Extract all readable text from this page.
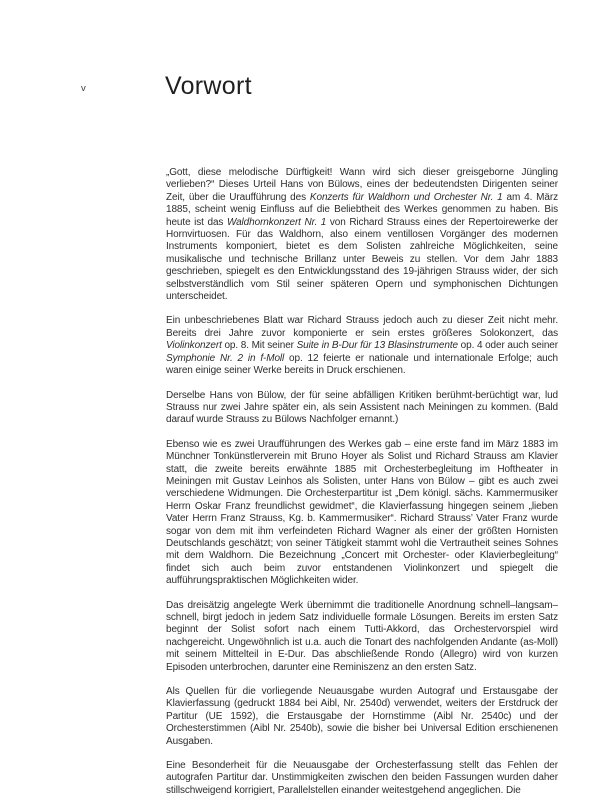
v	Vorwort

„Gott, diese melodische Dürftigkeit! Wann wird sich dieser greisgeborne Jüngling verlieben?“ Dieses Urteil Hans von Bülows, eines der bedeutendsten Dirigenten seiner Zeit, über die Uraufführung des Konzerts für Waldhorn und Orchester Nr. 1 am 4. März 1885, scheint wenig Einfluss auf die Beliebtheit des Werkes genommen zu haben. Bis heute ist das Waldhornkonzert Nr. 1 von Richard Strauss eines der Repertoirewerke der Hornvirtuosen. Für das Waldhorn, also einem ventillosen Vorgänger des modernen Instruments komponiert, bietet es dem Solisten zahlreiche Möglichkeiten, seine musikalische und technische Brillanz unter Beweis zu stellen. Vor dem Jahr 1883 geschrieben, spiegelt es den Entwicklungsstand des 19-jährigen Strauss wider, der sich selbstverständlich vom Stil seiner späteren Opern und symphonischen Dichtungen unterscheidet.

Ein unbeschriebenes Blatt war Richard Strauss jedoch auch zu dieser Zeit nicht mehr. Bereits drei Jahre zuvor komponierte er sein erstes größeres Solokonzert, das Violinkonzert op. 8. Mit seiner Suite in B-Dur für 13 Blasinstrumente op. 4 oder auch seiner Symphonie Nr. 2 in f-Moll op. 12 feierte er nationale und internationale Erfolge; auch waren einige seiner Werke bereits in Druck erschienen.

Derselbe Hans von Bülow, der für seine abfälligen Kritiken berühmt-berüchtigt war, lud Strauss nur zwei Jahre später ein, als sein Assistent nach Meiningen zu kommen. (Bald darauf wurde Strauss zu Bülows Nachfolger ernannt.)

Ebenso wie es zwei Uraufführungen des Werkes gab – eine erste fand im März 1883 im Münchner Tonkünstlerverein mit Bruno Hoyer als Solist und Richard Strauss am Klavier statt, die zweite bereits erwähnte 1885 mit Orchesterbegleitung im Hoftheater in Meiningen mit Gustav Leinhos als Solisten, unter Hans von Bülow – gibt es auch zwei verschiedene Widmungen. Die Orchesterpartitur ist „Dem königl. sächs. Kammermusiker Herrn Oskar Franz freundlichst gewidmet“, die Klavierfassung hingegen seinem „lieben Vater Herrn Franz Strauss, Kg. b. Kammermusiker“. Richard Strauss’ Vater Franz wurde sogar von dem mit ihm verfeindeten Richard Wagner als einer der größten Hornisten Deutschlands geschätzt; von seiner Tätigkeit stammt wohl die Vertrautheit seines Sohnes mit dem Waldhorn. Die Bezeichnung „Concert mit Orchester- oder Klavierbegleitung“ findet sich auch beim zuvor entstandenen Violinkonzert und spiegelt die aufführungspraktischen Möglichkeiten wider.

Das dreisätzig angelegte Werk übernimmt die traditionelle Anordnung schnell–langsam–schnell, birgt jedoch in jedem Satz individuelle formale Lösungen. Bereits im ersten Satz beginnt der Solist sofort nach einem Tutti-Akkord, das Orchestervorspiel wird nachgereicht. Ungewöhnlich ist u.a. auch die Tonart des nachfolgenden Andante (as-Moll) mit seinem Mittelteil in E-Dur. Das abschließende Rondo (Allegro) wird von kurzen Episoden unterbrochen, darunter eine Reminiszenz an den ersten Satz.

Als Quellen für die vorliegende Neuausgabe wurden Autograf und Erstausgabe der Klavierfassung (gedruckt 1884 bei Aibl, Nr. 2540d) verwendet, weiters der Erstdruck der Partitur (UE 1592), die Erstausgabe der Hornstimme (Aibl Nr. 2540c) und der Orchesterstimmen (Aibl Nr. 2540b), sowie die bisher bei Universal Edition erschienenen Ausgaben.

Eine Besonderheit für die Neuausgabe der Orchesterfassung stellt das Fehlen der autografen Partitur dar. Unstimmigkeiten zwischen den beiden Fassungen wurden daher stillschweigend korrigiert, Parallelstellen einander weitestgehend angeglichen. Die
